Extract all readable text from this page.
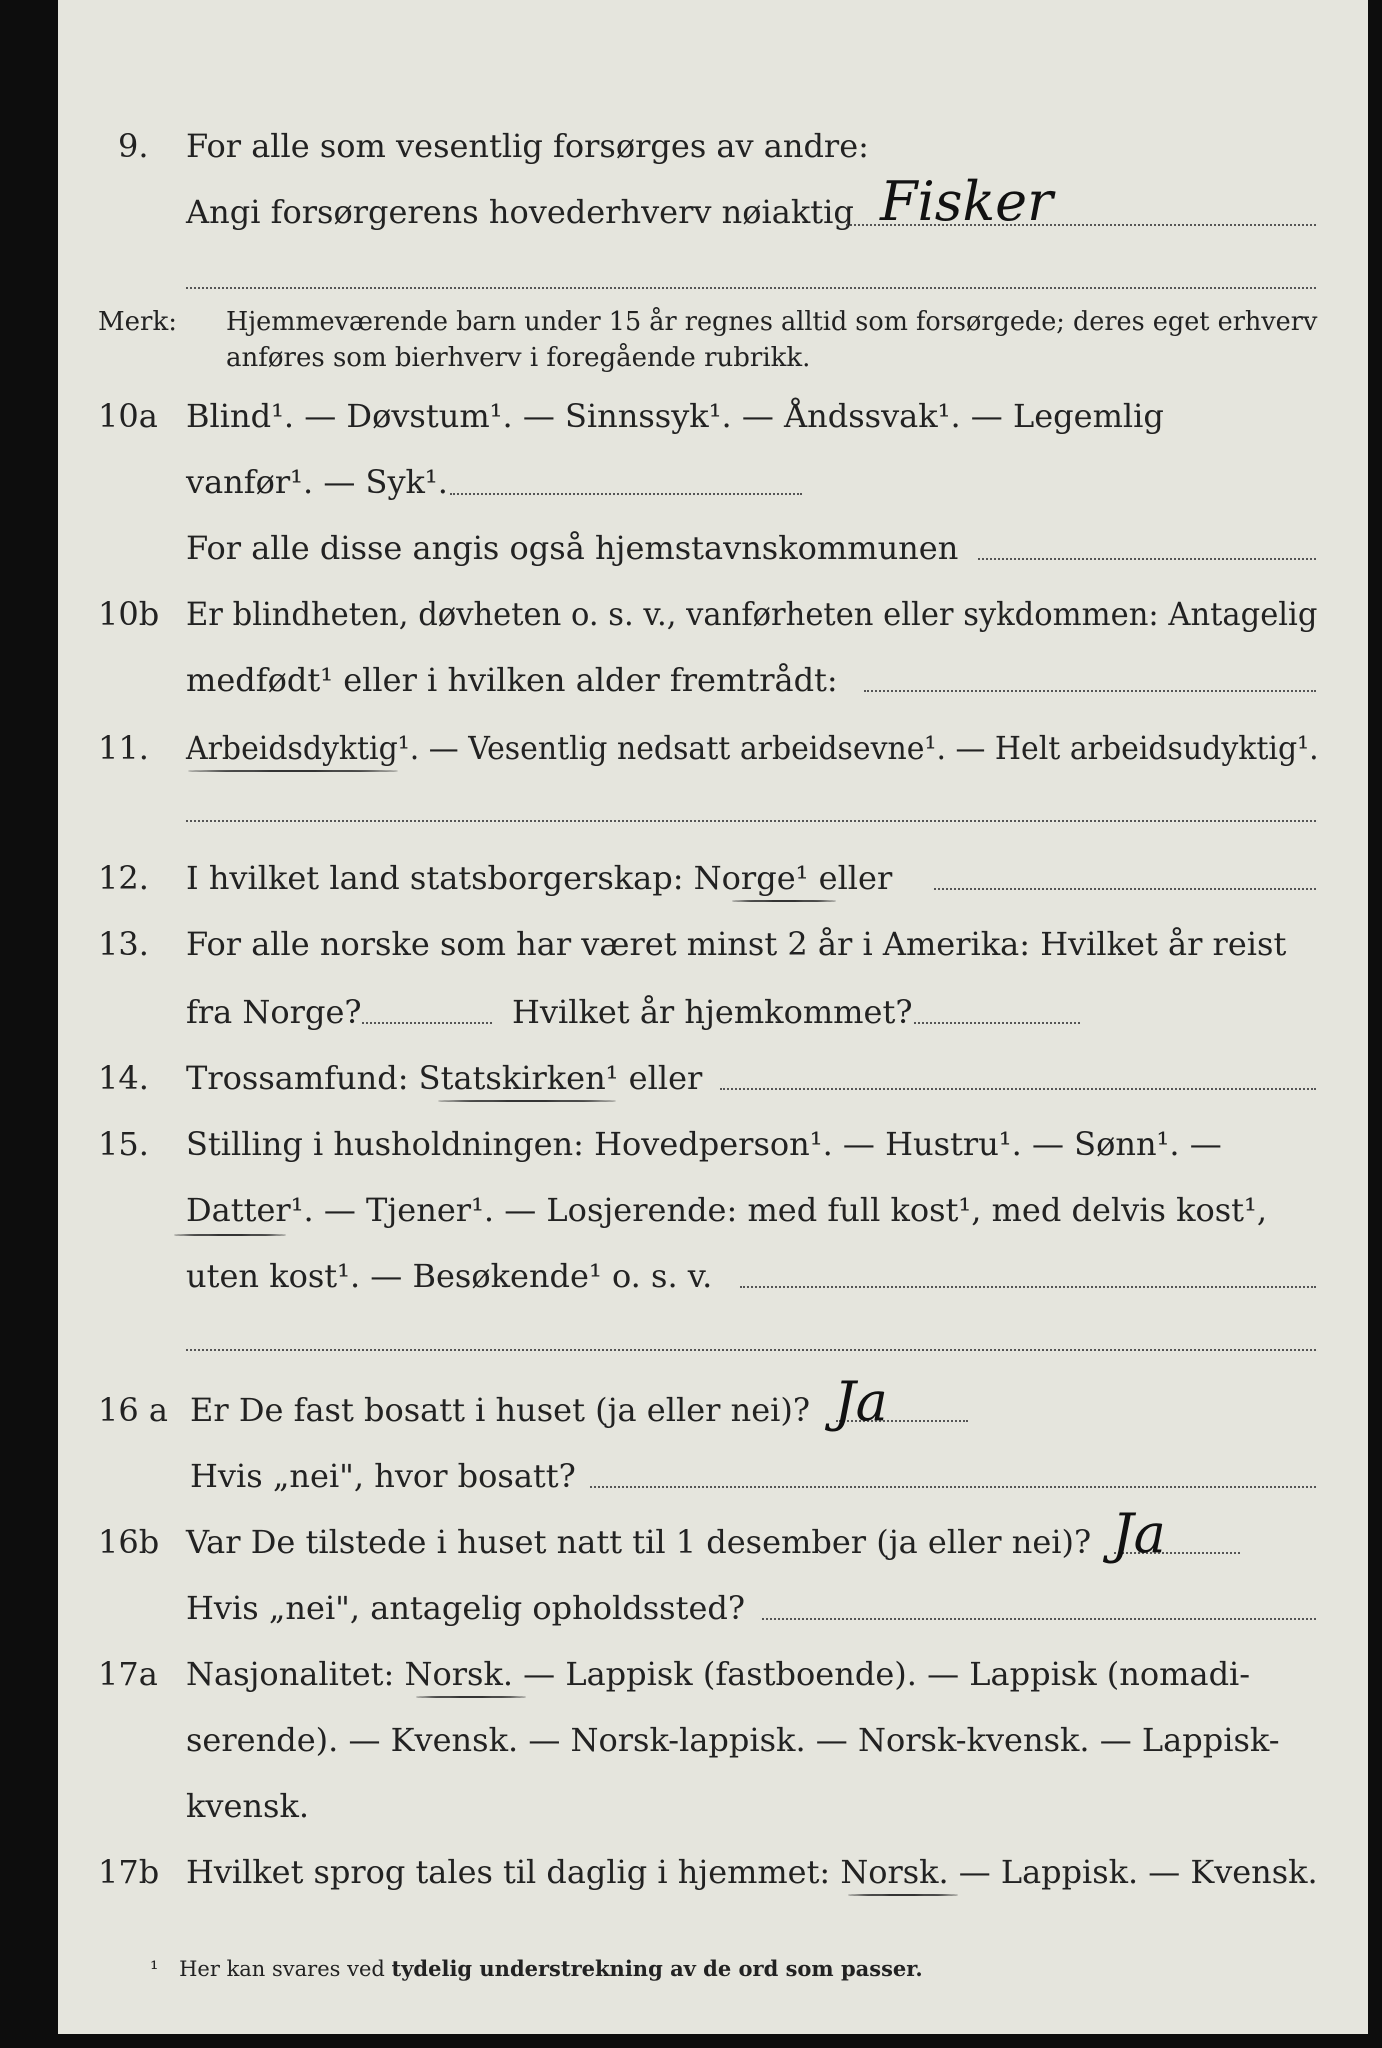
9. For alle som vesentlig forsørges av andre:
Angi forsørgerens hovederhverv nøiaktig Fisker
Merk: Hjemmeværende barn under 15 år regnes alltid som forsørgede; deres eget erhverv
anføres som bierhverv i foregående rubrikk.
10a Blind¹. — Døvstum¹. — Sinnssyk¹. — Åndssvak¹. — Legemlig
vanfør¹. — Syk¹.
For alle disse angis også hjemstavnskommunen
10b Er blindheten, døvheten o. s. v., vanførheten eller sykdommen: Antagelig
medfødt¹ eller i hvilken alder fremtrådt:
11. Arbeidsdyktig¹. — Vesentlig nedsatt arbeidsevne¹. — Helt arbeidsudyktig¹.
12. I hvilket land statsborgerskap: Norge¹ eller
13. For alle norske som har været minst 2 år i Amerika: Hvilket år reist
fra Norge?	Hvilket år hjemkommet?
14. Trossamfund: Statskirken¹ eller
15. Stilling i husholdningen: Hovedperson¹. — Hustru¹. — Sønn¹. —
Datter¹. — Tjener¹. — Losjerende: med full kost¹, med delvis kost¹,
uten kost¹. — Besøkende¹ o. s. v.
16 a Er De fast bosatt i huset (ja eller nei)? Ja
Hvis „nei", hvor bosatt?
16b Var De tilstede i huset natt til 1 desember (ja eller nei)? Ja
Hvis „nei", antagelig opholdssted?
17a Nasjonalitet: Norsk. — Lappisk (fastboende). — Lappisk (nomadi-
serende). — Kvensk. — Norsk-lappisk. — Norsk-kvensk. — Lappisk-
kvensk.
17b Hvilket sprog tales til daglig i hjemmet: Norsk. — Lappisk. — Kvensk.
¹ Her kan svares ved tydelig understrekning av de ord som passer.
